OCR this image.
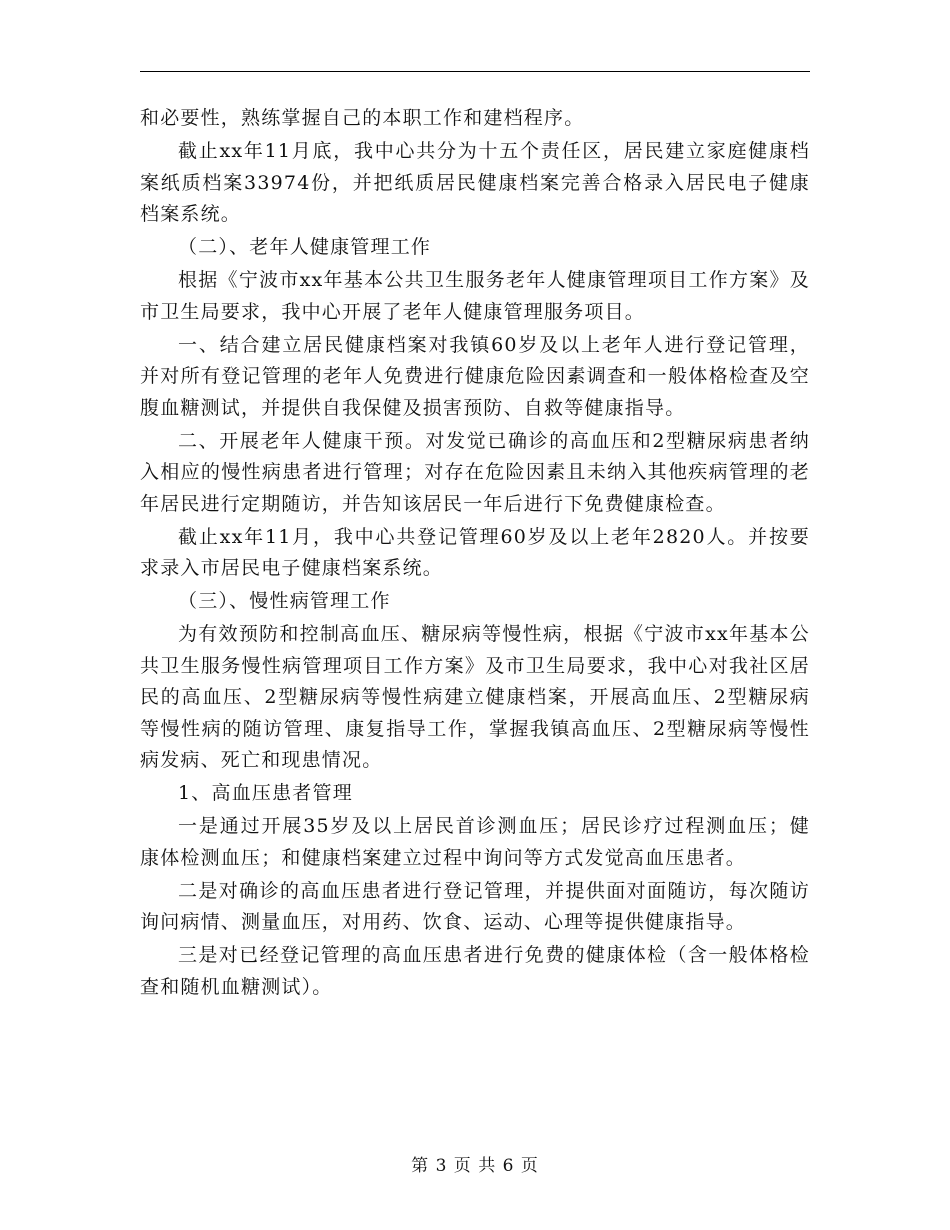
和必要性，熟练掌握自己的本职工作和建档程序。

截止xx年11月底，我中心共分为十五个责任区，居民建立家庭健康档案纸质档案33974份，并把纸质居民健康档案完善合格录入居民电子健康档案系统。

（二）、老年人健康管理工作

根据《宁波市xx年基本公共卫生服务老年人健康管理项目工作方案》及市卫生局要求，我中心开展了老年人健康管理服务项目。

一、结合建立居民健康档案对我镇60岁及以上老年人进行登记管理，并对所有登记管理的老年人免费进行健康危险因素调查和一般体格检查及空腹血糖测试，并提供自我保健及损害预防、自救等健康指导。

二、开展老年人健康干预。对发觉已确诊的高血压和2型糖尿病患者纳入相应的慢性病患者进行管理；对存在危险因素且未纳入其他疾病管理的老年居民进行定期随访，并告知该居民一年后进行下免费健康检查。

截止xx年11月，我中心共登记管理60岁及以上老年2820人。并按要求录入市居民电子健康档案系统。

（三）、慢性病管理工作

为有效预防和控制高血压、糖尿病等慢性病，根据《宁波市xx年基本公共卫生服务慢性病管理项目工作方案》及市卫生局要求，我中心对我社区居民的高血压、2型糖尿病等慢性病建立健康档案，开展高血压、2型糖尿病等慢性病的随访管理、康复指导工作，掌握我镇高血压、2型糖尿病等慢性病发病、死亡和现患情况。

1、高血压患者管理

一是通过开展35岁及以上居民首诊测血压；居民诊疗过程测血压；健康体检测血压；和健康档案建立过程中询问等方式发觉高血压患者。

二是对确诊的高血压患者进行登记管理，并提供面对面随访，每次随访询问病情、测量血压，对用药、饮食、运动、心理等提供健康指导。

三是对已经登记管理的高血压患者进行免费的健康体检（含一般体格检查和随机血糖测试）。

第 3 页 共 6 页
